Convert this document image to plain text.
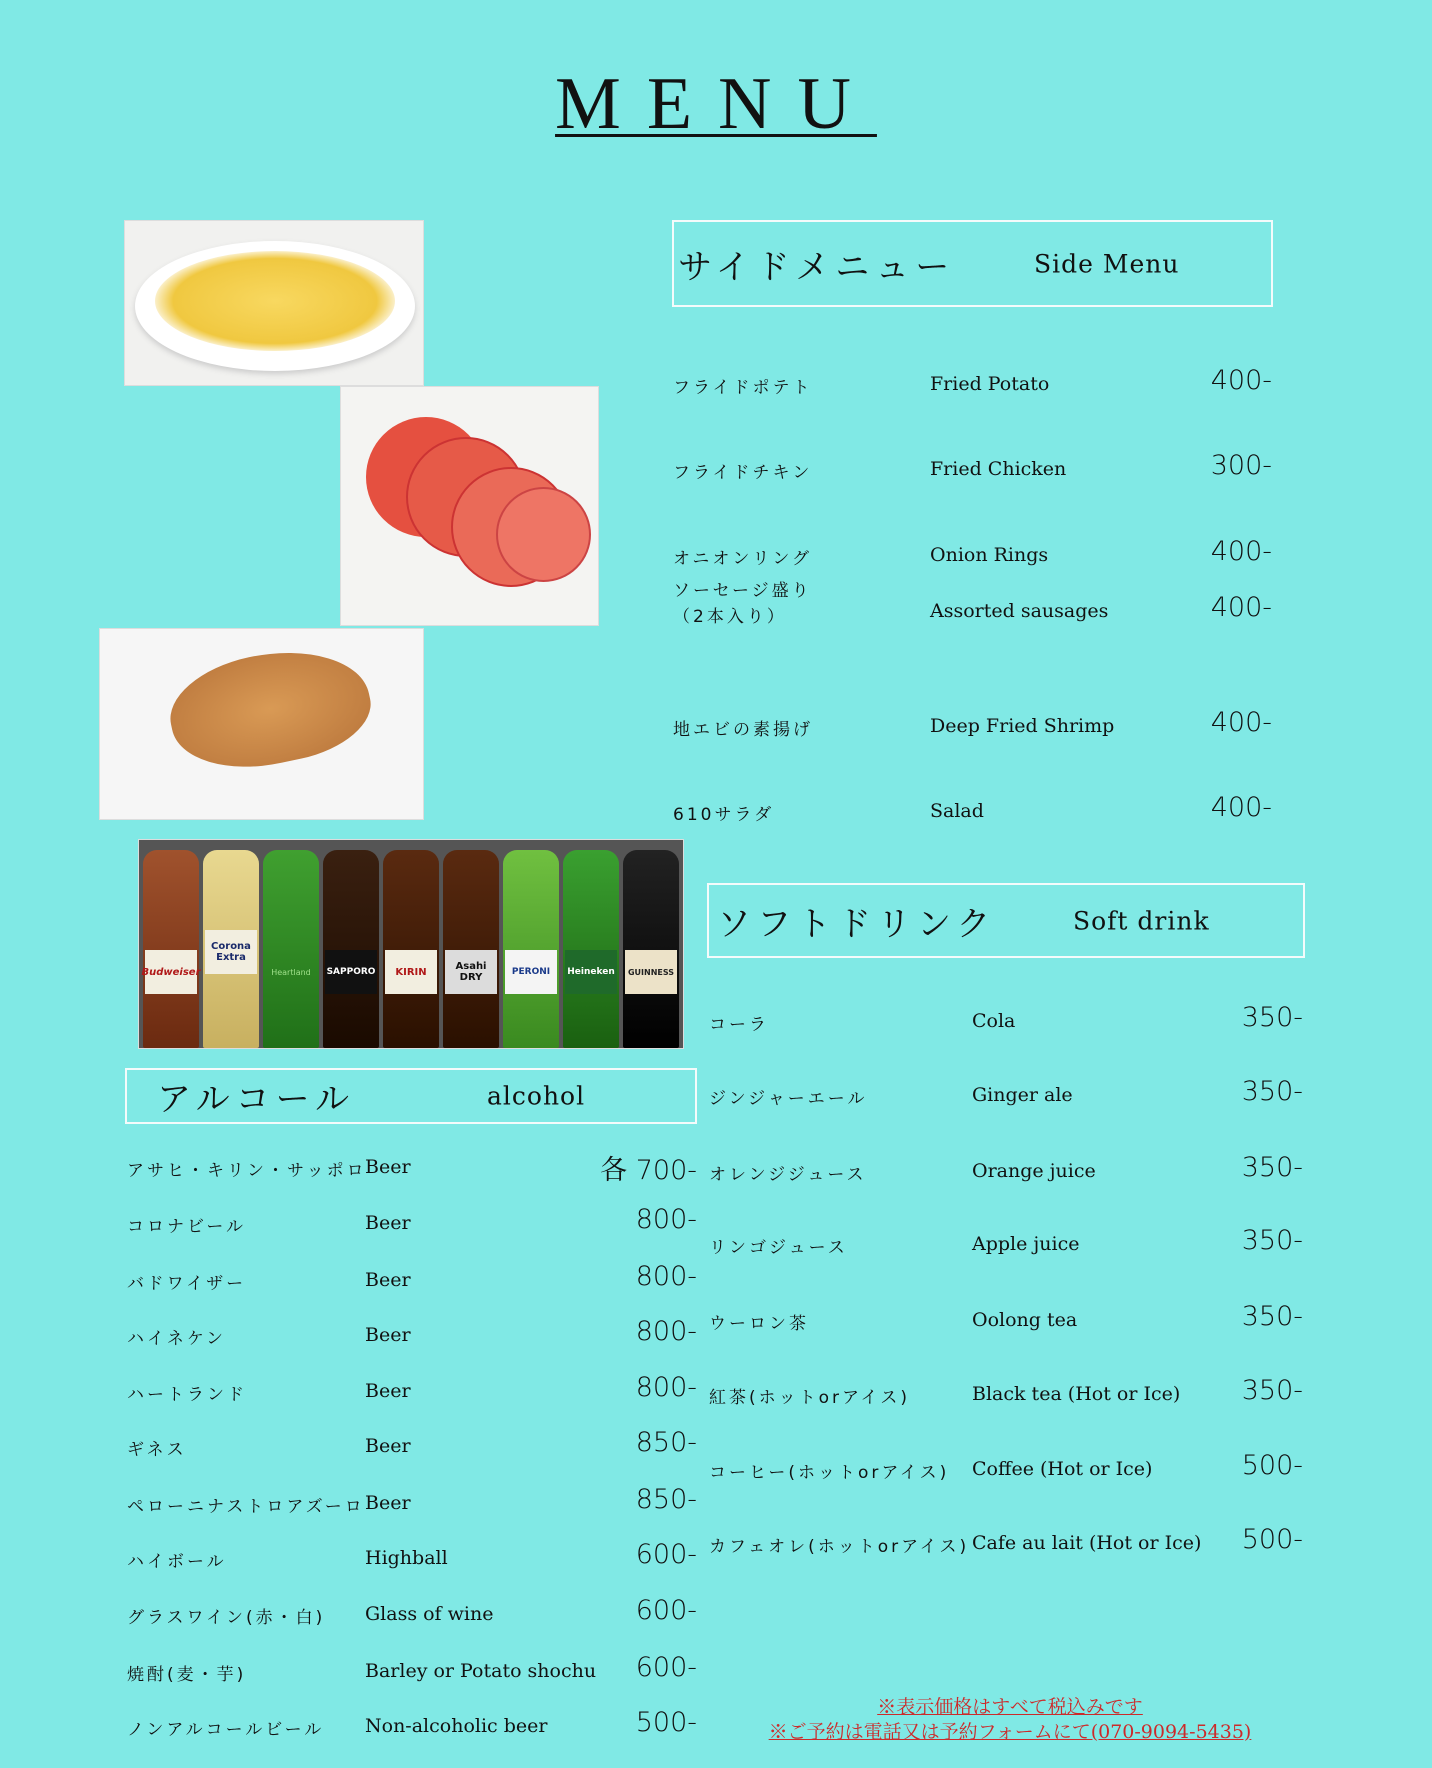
MENU
Budweiser
Corona Extra
Heartland	SAPPORO	KIRIN	Asahi DRY
PERONI	Heineken	GUINNESS
サイドメニュー	Side Menu
ソフトドリンク	Soft drink
アルコール	alcohol
フライドポテト	Fried Potato	400-
フライドチキン	Fried Chicken	300-
オニオンリング	Onion Rings	400-
ソーセージ盛り
（2本入り）	Assorted sausages	400-
地エビの素揚げ	Deep Fried Shrimp	400-
610サラダ	Salad	400-
コーラ	Cola	350-
ジンジャーエール	Ginger ale	350-
オレンジジュース	Orange juice	350-
リンゴジュース	Apple juice	350-
ウーロン茶	Oolong tea	350-
紅茶(ホットorアイス)	Black tea (Hot or Ice) 350-
コーヒー(ホットorアイス) Coffee (Hot or Ice)	500-
カフェオレ(ホットorアイス) Cafe au lait (Hot or Ice) 500-
アサヒ・キリン・サッポロ
Beer	各 700-
コロナビール	Beer	800-
バドワイザー	Beer	800-
ハイネケン	Beer	800-
ハートランド	Beer	800-
ギネス	Beer	850-
ペローニナストロアズーロ Beer	850-
ハイボール	Highball	600-
グラスワイン(赤・白) Glass of wine	600-
焼酎(麦・芋)	Barley or Potato shochu 600-
ノンアルコールビール Non-alcoholic beer	500-	※表示価格はすべて税込みです
※ご予約は電話又は予約フォームにて(070-9094-5435)
